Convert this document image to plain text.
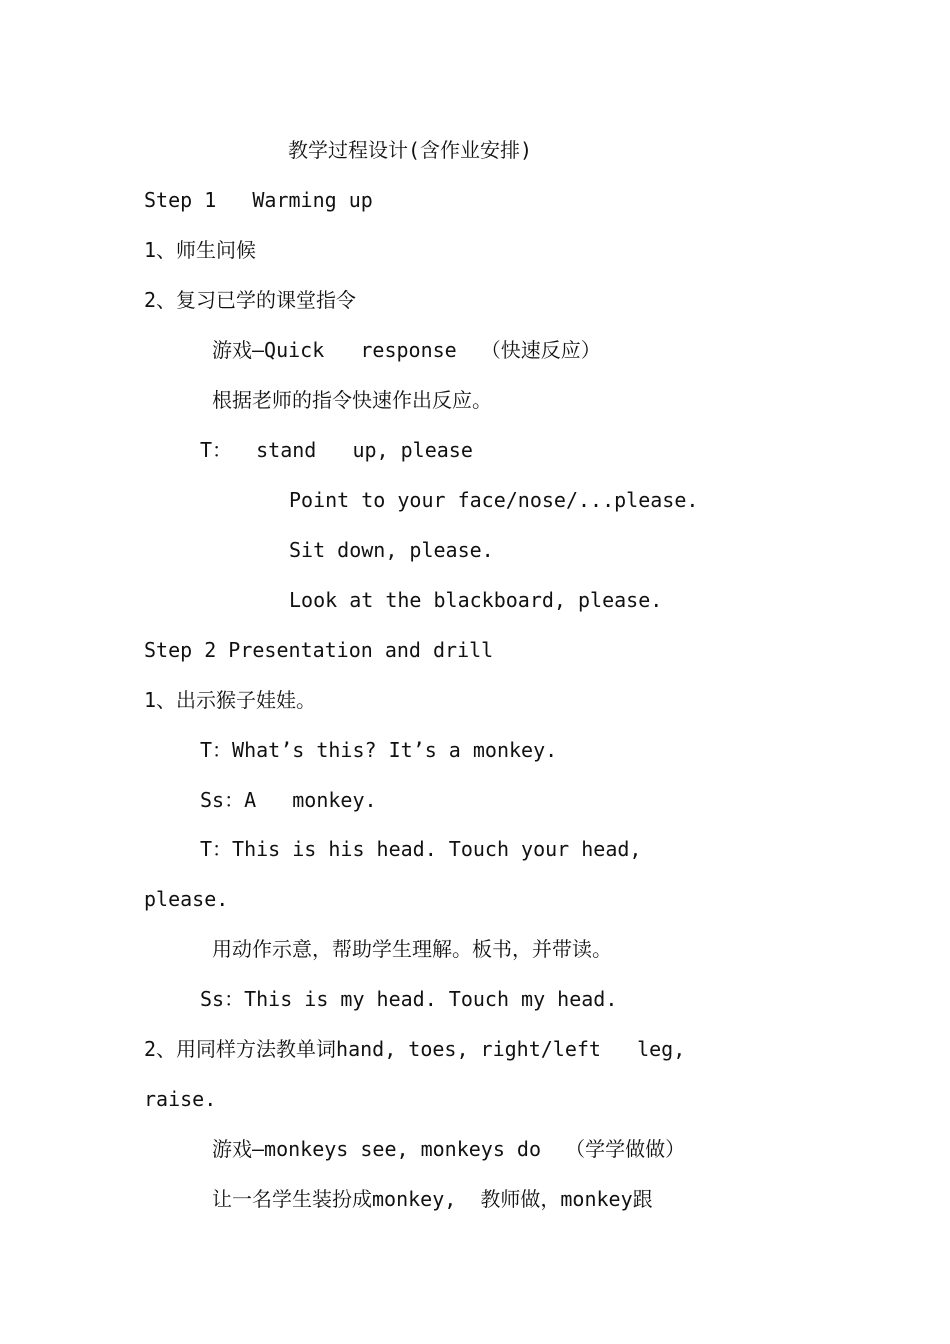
教学过程设计(含作业安排)
Step 1   Warming up
1、师生问候
2、复习已学的课堂指令
游戏—Quick   response  （快速反应）
根据老师的指令快速作出反应。
T：  stand   up, please
Point to your face/nose/...please.
Sit down, please.
Look at the blackboard, please.
Step 2 Presentation and drill
1、出示猴子娃娃。
T：What’s this? It’s a monkey.
Ss：A   monkey.
T：This is his head. Touch your head,
please.
用动作示意，帮助学生理解。板书，并带读。
Ss：This is my head. Touch my head.
2、用同样方法教单词hand, toes, right/left   leg,
raise.
游戏—monkeys see, monkeys do  （学学做做）
让一名学生装扮成monkey,  教师做，monkey跟
